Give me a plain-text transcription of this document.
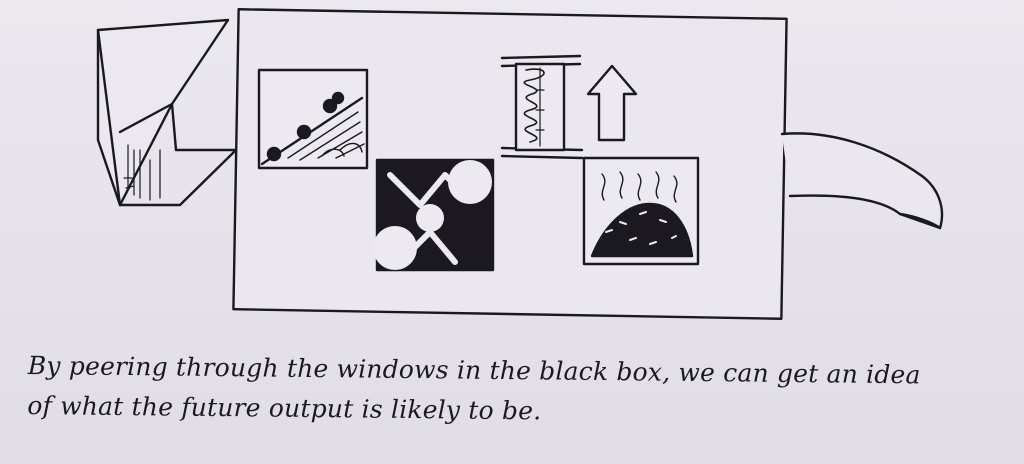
By peering through the windows in the black box, we can get an idea
of what the future output is likely to be.
